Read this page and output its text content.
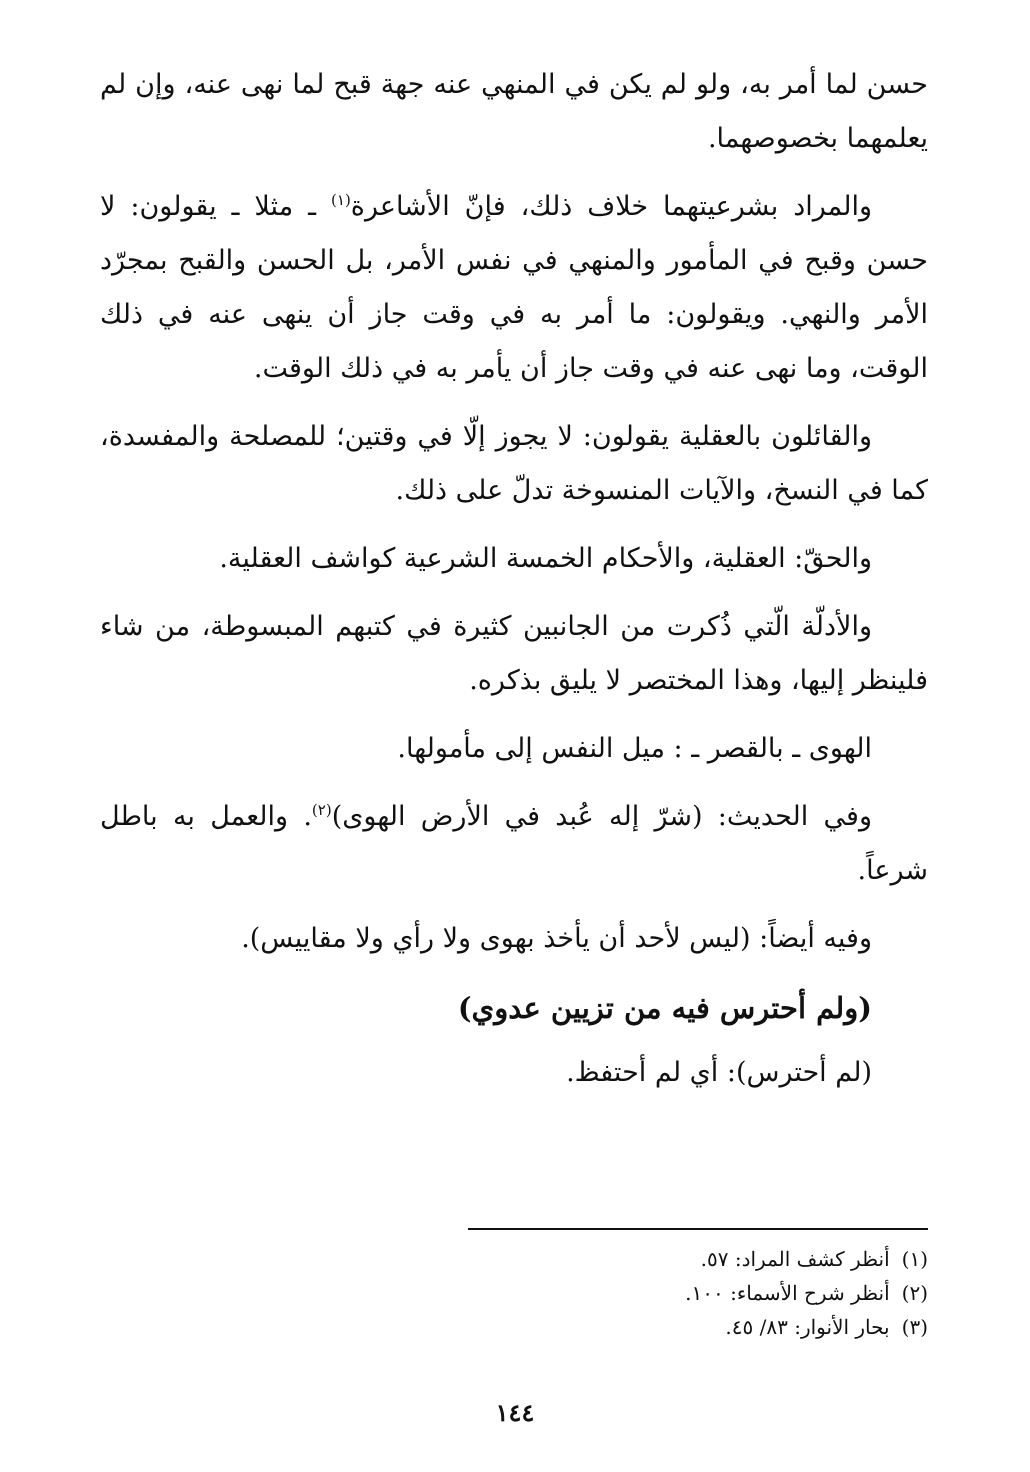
حسن لما أمر به، ولو لم يكن في المنهي عنه جهة قبح لما نهى عنه، وإن لم يعلمهما بخصوصهما.

والمراد بشرعيتهما خلاف ذلك، فإنّ الأشاعرة$^{(١)}$ ـ مثلا ـ يقولون: لا حسن وقبح في المأمور والمنهي في نفس الأمر، بل الحسن والقبح بمجرّد الأمر والنهي. ويقولون: ما أمر به في وقت جاز أن ينهى عنه في ذلك الوقت، وما نهى عنه في وقت جاز أن يأمر به في ذلك الوقت.

والقائلون بالعقلية يقولون: لا يجوز إلّا في وقتين؛ للمصلحة والمفسدة، كما في النسخ، والآيات المنسوخة تدلّ على ذلك.

والحقّ: العقلية، والأحكام الخمسة الشرعية كواشف العقلية.

والأدلّة الّتي ذُكرت من الجانبين كثيرة في كتبهم المبسوطة، من شاء فلينظر إليها، وهذا المختصر لا يليق بذكره.

الهوى ـ بالقصر ـ : ميل النفس إلى مأمولها.

وفي الحديث: (شرّ إله عُبد في الأرض الهوى)$^{(٢)}$. والعمل به باطل شرعاً.

وفيه أيضاً: (ليس لأحد أن يأخذ بهوى ولا رأي ولا مقاييس).

(ولم أحترس فيه من تزيين عدوي)

(لم أحترس): أي لم أحتفظ.

(١)أنظر كشف المراد: ٥٧.
(٢)أنظر شرح الأسماء: ١٠٠.
(٣)بحار الأنوار: ٨٣/ ٤٥.
١٤٤
